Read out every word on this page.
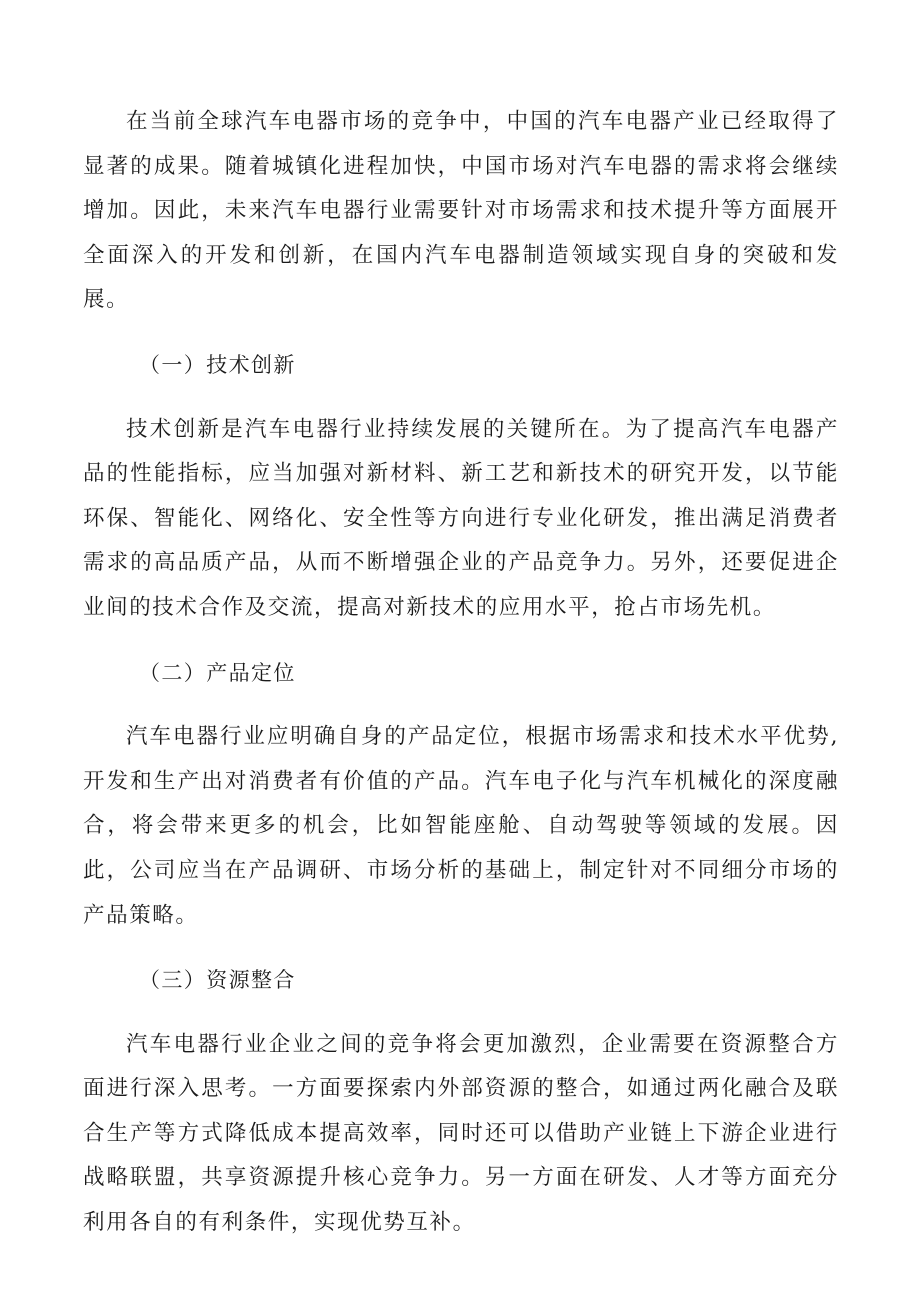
在当前全球汽车电器市场的竞争中，中国的汽车电器产业已经取得了显著的成果。随着城镇化进程加快，中国市场对汽车电器的需求将会继续增加。因此，未来汽车电器行业需要针对市场需求和技术提升等方面展开全面深入的开发和创新，在国内汽车电器制造领域实现自身的突破和发展。

（一）技术创新

技术创新是汽车电器行业持续发展的关键所在。为了提高汽车电器产品的性能指标，应当加强对新材料、新工艺和新技术的研究开发，以节能环保、智能化、网络化、安全性等方向进行专业化研发，推出满足消费者需求的高品质产品，从而不断增强企业的产品竞争力。另外，还要促进企业间的技术合作及交流，提高对新技术的应用水平，抢占市场先机。

（二）产品定位

汽车电器行业应明确自身的产品定位，根据市场需求和技术水平优势,开发和生产出对消费者有价值的产品。汽车电子化与汽车机械化的深度融合，将会带来更多的机会，比如智能座舱、自动驾驶等领域的发展。因此，公司应当在产品调研、市场分析的基础上，制定针对不同细分市场的产品策略。

（三）资源整合

汽车电器行业企业之间的竞争将会更加激烈，企业需要在资源整合方面进行深入思考。一方面要探索内外部资源的整合，如通过两化融合及联合生产等方式降低成本提高效率，同时还可以借助产业链上下游企业进行战略联盟，共享资源提升核心竞争力。另一方面在研发、人才等方面充分利用各自的有利条件，实现优势互补。
